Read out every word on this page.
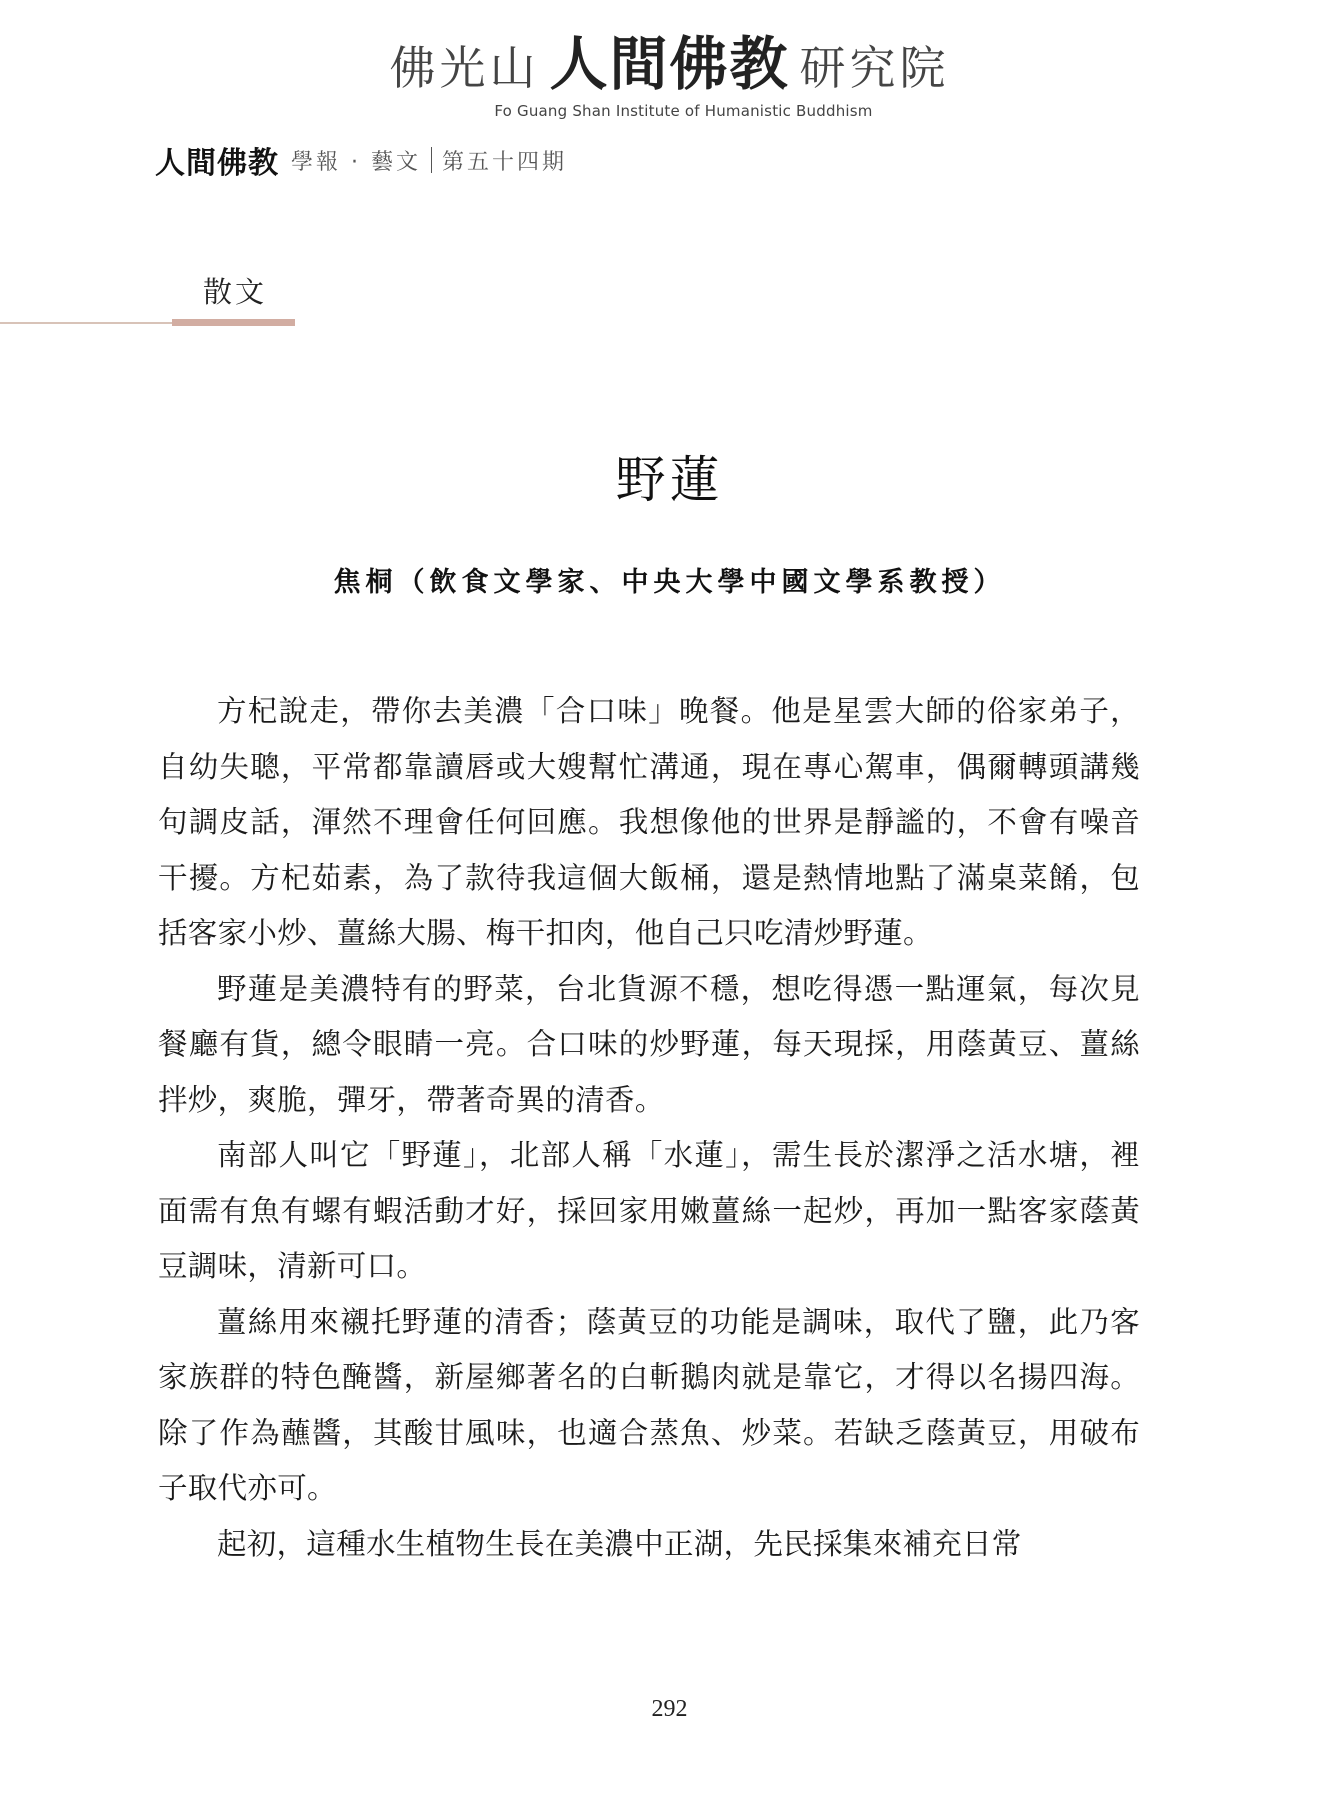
佛光山 人間佛教 研究院
Fo Guang Shan Institute of Humanistic Buddhism
人間佛教 學報 · 藝文 第五十四期
散文
野蓮
焦桐（飲食文學家、中央大學中國文學系教授）

方杞說走，帶你去美濃「合口味」晚餐。他是星雲大師的俗家弟子，自幼失聰，平常都靠讀唇或大嫂幫忙溝通，現在專心駕車，偶爾轉頭講幾句調皮話，渾然不理會任何回應。我想像他的世界是靜謐的，不會有噪音干擾。方杞茹素，為了款待我這個大飯桶，還是熱情地點了滿桌菜餚，包括客家小炒、薑絲大腸、梅干扣肉，他自己只吃清炒野蓮。

野蓮是美濃特有的野菜，台北貨源不穩，想吃得憑一點運氣，每次見餐廳有貨，總令眼睛一亮。合口味的炒野蓮，每天現採，用蔭黃豆、薑絲拌炒，爽脆，彈牙，帶著奇異的清香。

南部人叫它「野蓮」，北部人稱「水蓮」，需生長於潔淨之活水塘，裡面需有魚有螺有蝦活動才好，採回家用嫩薑絲一起炒，再加一點客家蔭黃豆調味，清新可口。

薑絲用來襯托野蓮的清香；蔭黃豆的功能是調味，取代了鹽，此乃客家族群的特色醃醬，新屋鄉著名的白斬鵝肉就是靠它，才得以名揚四海。除了作為蘸醬，其酸甘風味，也適合蒸魚、炒菜。若缺乏蔭黃豆，用破布子取代亦可。

起初，這種水生植物生長在美濃中正湖，先民採集來補充日常

292
